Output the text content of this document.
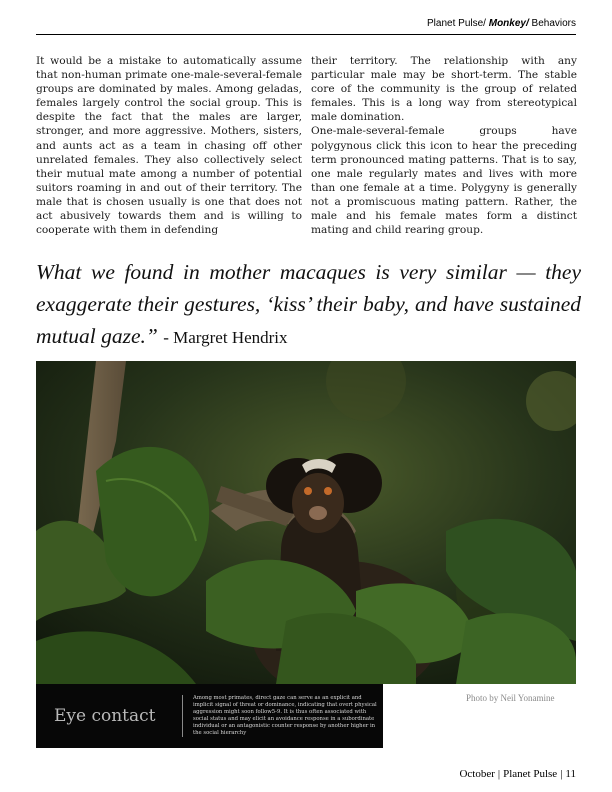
Planet Pulse/ Monkey/ Behaviors

It would be a mistake to automatically assume that non-human primate one-male-several-female groups are dominated by males. Among geladas, females largely control the social group. This is despite the fact that the males are larger, stronger, and more aggressive. Mothers, sisters, and aunts act as a team in chasing off other unrelated females. They also collectively select their mutual mate among a number of potential suitors roaming in and out of their territory. The male that is chosen usually is one that does not act abusively towards them and is willing to cooperate with them in defending

their territory. The relationship with any particular male may be short-term. The stable core of the community is the group of related females. This is a long way from stereotypical male domination.

One-male-several-female groups have polygynous click this icon to hear the preceding term pronounced mating patterns. That is to say, one male regularly mates and lives with more than one female at a time. Polygyny is generally not a promiscuous mating pattern. Rather, the male and his female mates form a distinct mating and child rearing group.

What we found in mother macaques is very similar — they exaggerate their gestures, ‘kiss’ their baby, and have sustained mutual gaze.” - Margret Hendrix
Eye contact
Among most primates, direct gaze can serve as an explicit and implicit signal of threat or dominance, indicating that overt physical aggression might soon follow5-9. It is thus often associated with social status and may elicit an avoidance response in a subordinate individual or an antagonistic counter response by another higher in the social hierarchy
Photo by Neil Yonamine
October | Planet Pulse | 11
